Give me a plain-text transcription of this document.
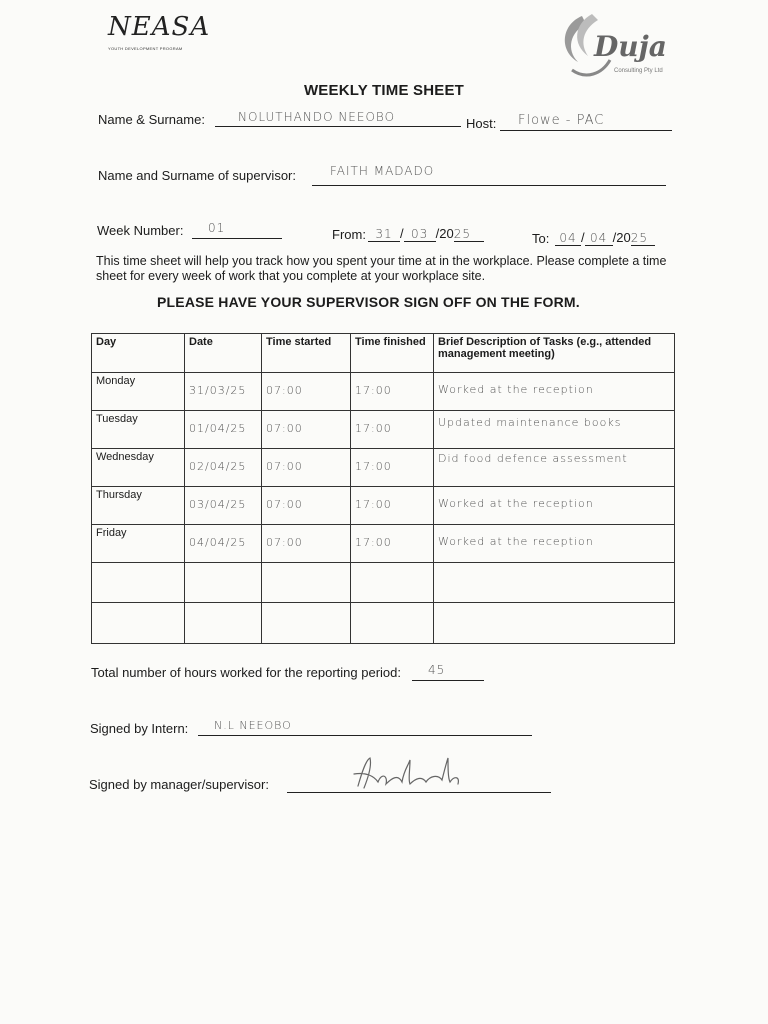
NEASA
YOUTH DEVELOPMENT PROGRAM	Duja
Consulting Pty Ltd
WEEKLY TIME SHEET
Name & Surname:	NOLUTHANDO NEEOBO	Host: Flowe - PAC
Name and Surname of supervisor:	FAITH MADADO
Week Number: 01	From: 31 / 03 /2025	To: 04 / 04 /2025
This time sheet will help you track how you spent your time at in the workplace. Please complete a time sheet for every week of work that you complete at your workplace site.
PLEASE HAVE YOUR SUPERVISOR SIGN OFF ON THE FORM.
Day	Date	Time started	Time finished	Brief Description of Tasks (e.g., attended management meeting)
Monday	31/03/25	07:00	17:00	Worked at the reception
Tuesday	01/04/25	07:00	17:00	Updated maintenance books
Wednesday	02/04/25	07:00	17:00	Did food defence assessment
Thursday	03/04/25	07:00	17:00	Worked at the reception
Friday	04/04/25	07:00	17:00	Worked at the reception

Total number of hours worked for the reporting period: 45
Signed by Intern: N.L NEEOBO
Signed by manager/supervisor:
